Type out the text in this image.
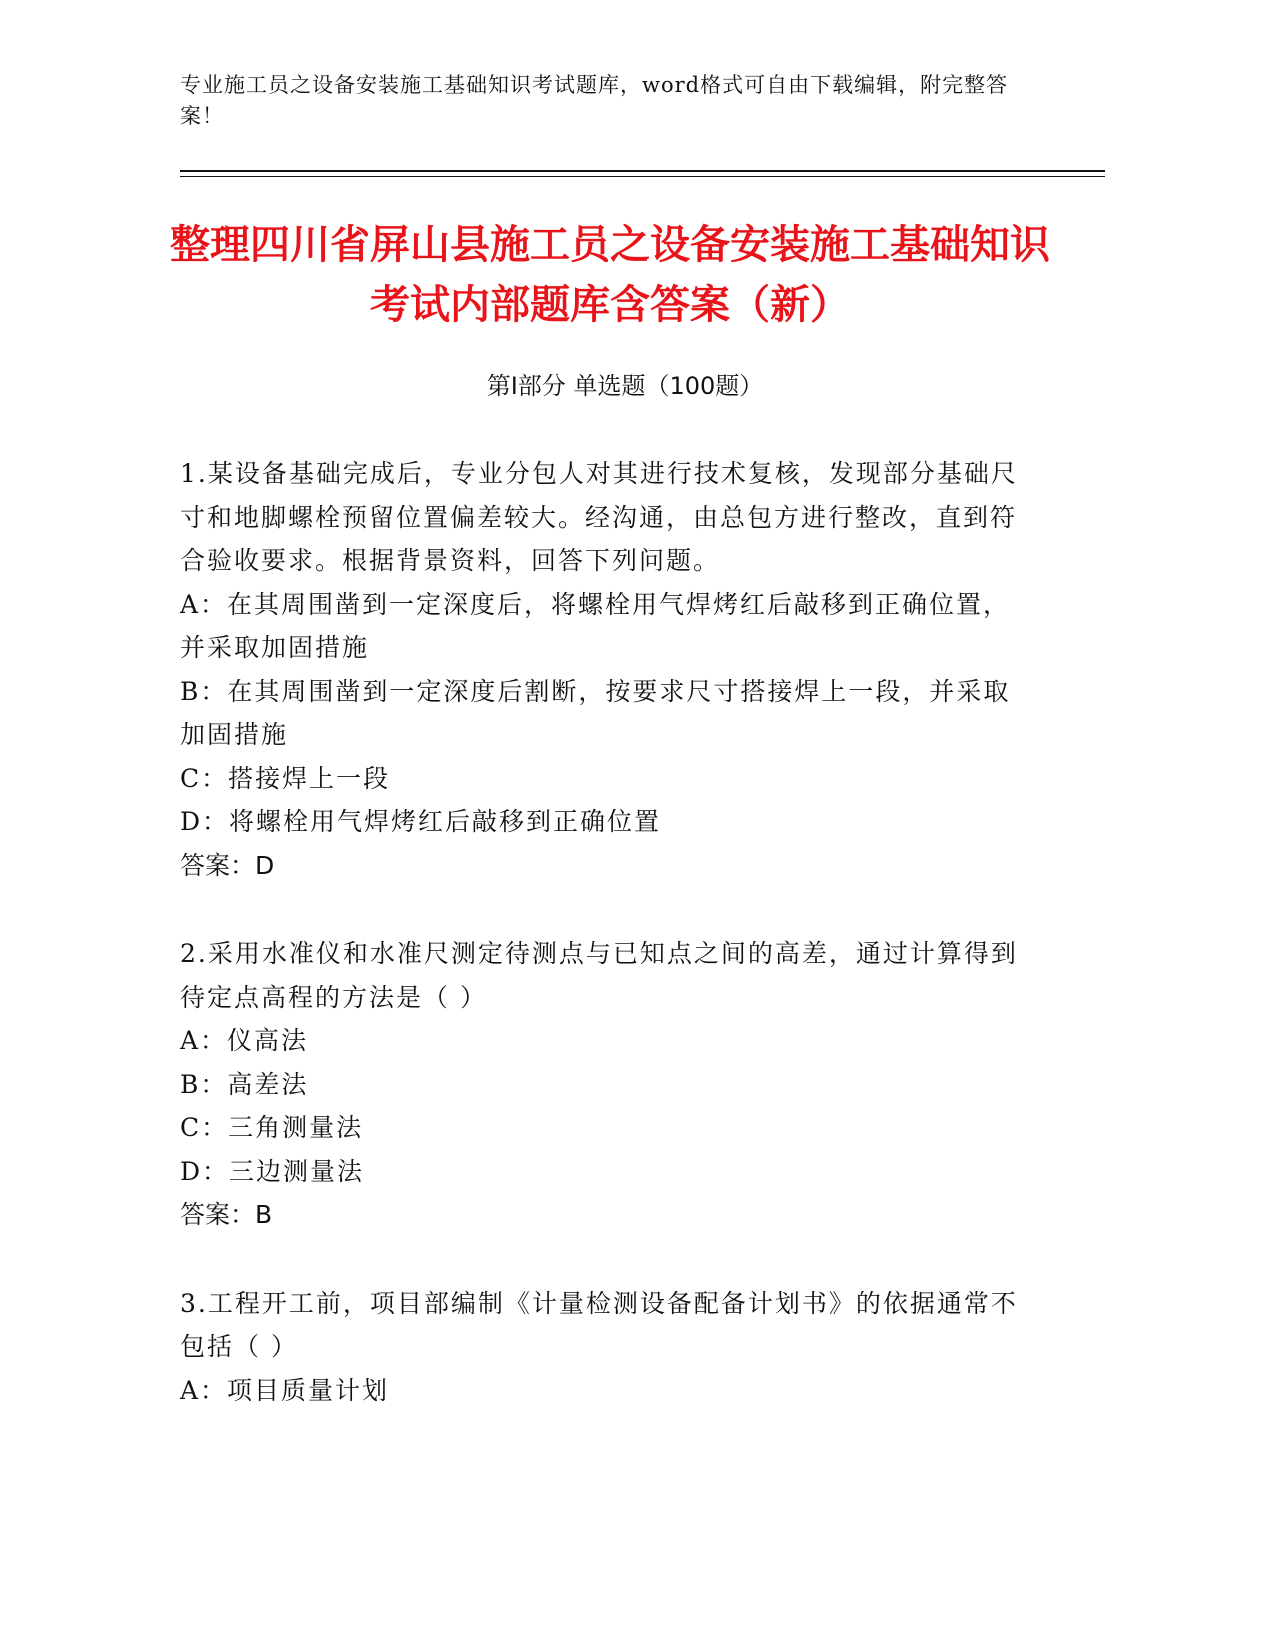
专业施工员之设备安装施工基础知识考试题库，word格式可自由下载编辑，附完整答案！
整理四川省屏山县施工员之设备安装施工基础知识考试内部题库含答案（新）
第Ⅰ部分 单选题（100题）
1.某设备基础完成后，专业分包人对其进行技术复核，发现部分基础尺寸和地脚螺栓预留位置偏差较大。经沟通，由总包方进行整改，直到符合验收要求。根据背景资料，回答下列问题。
A：在其周围凿到一定深度后，将螺栓用气焊烤红后敲移到正确位置，并采取加固措施
B：在其周围凿到一定深度后割断，按要求尺寸搭接焊上一段，并采取加固措施
C：搭接焊上一段
D：将螺栓用气焊烤红后敲移到正确位置
答案：D
2.采用水准仪和水准尺测定待测点与已知点之间的高差，通过计算得到待定点高程的方法是（ ）
A：仪高法
B：高差法
C：三角测量法
D：三边测量法
答案：B
3.工程开工前，项目部编制《计量检测设备配备计划书》的依据通常不包括（ ）
A：项目质量计划
